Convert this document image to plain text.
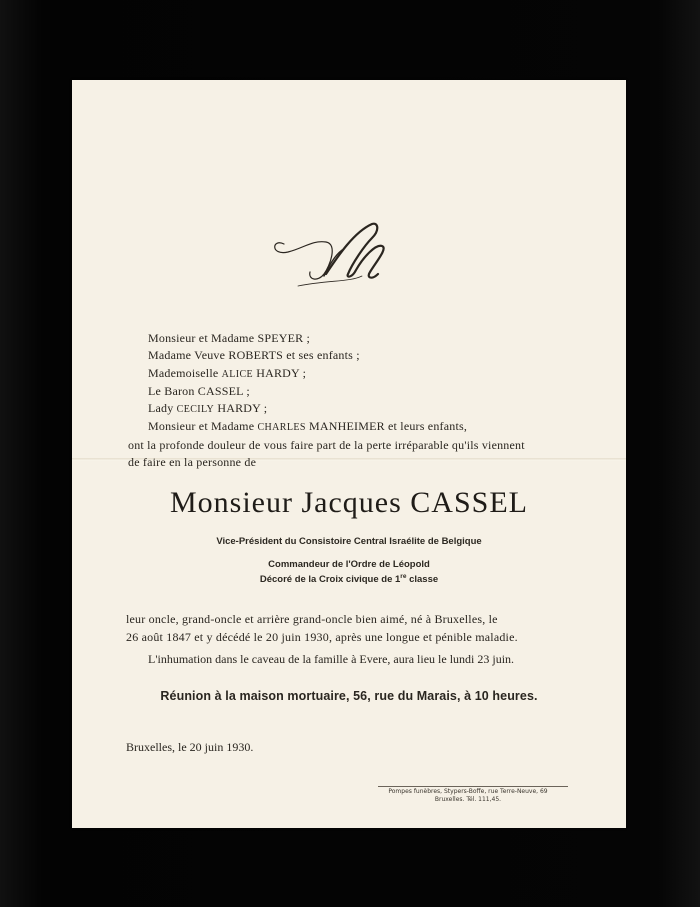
Monsieur et Madame SPEYER ;
Madame Veuve ROBERTS et ses enfants ;
Mademoiselle ALICE HARDY ;
Le Baron CASSEL ;
Lady CECILY HARDY ;
Monsieur et Madame CHARLES MANHEIMER et leurs enfants,
ont la profonde douleur de vous faire part de la perte irréparable qu'ils viennent
de faire en la personne de
Monsieur Jacques CASSEL
Vice-Président du Consistoire Central Israélite de Belgique
Commandeur de l'Ordre de Léopold
Décoré de la Croix civique de 1re classe
leur oncle, grand-oncle et arrière grand-oncle bien aimé, né à Bruxelles, le
26 août 1847 et y décédé le 20 juin 1930, après une longue et pénible maladie.
L'inhumation dans le caveau de la famille à Evere, aura lieu le lundi 23 juin.
Réunion à la maison mortuaire, 56, rue du Marais, à 10 heures.
Bruxelles, le 20 juin 1930.
Pompes funèbres, Stypers-Boffe, rue Terre-Neuve, 69
Bruxelles. Tél. 111,45.
